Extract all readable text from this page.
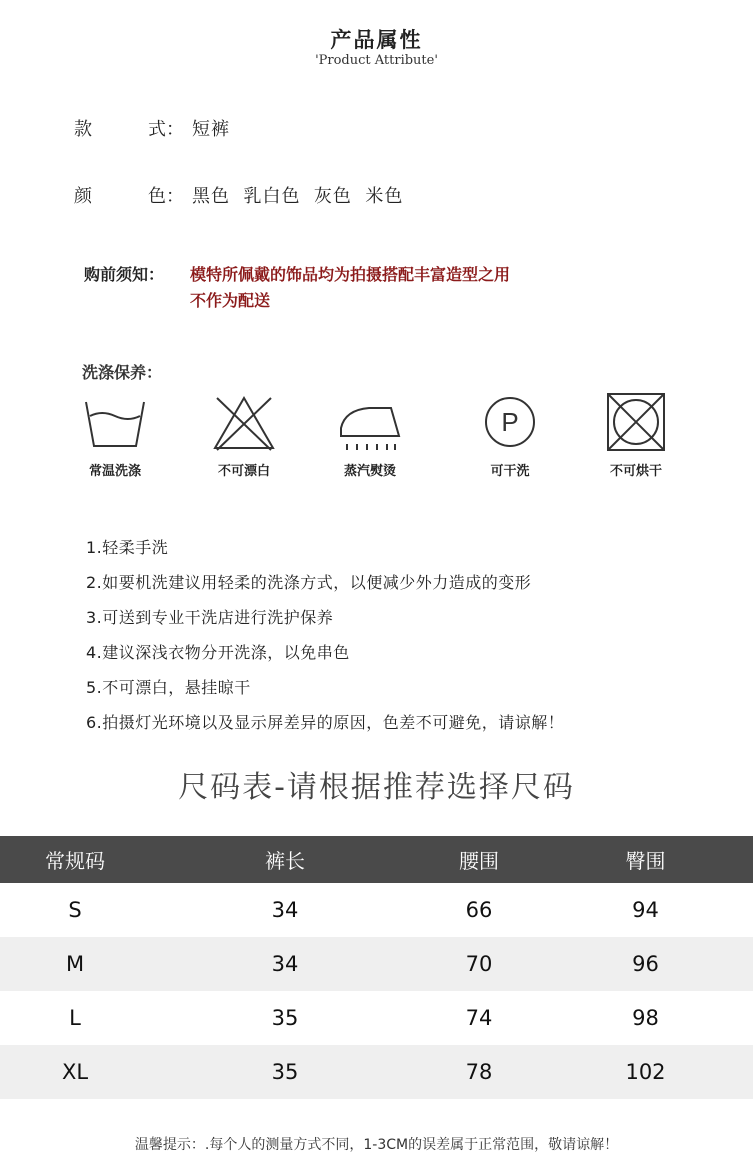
产品属性
'Product Attribute'
款	式： 短裤
颜	色： 黑色  乳白色  灰色  米色
购前须知： 模特所佩戴的饰品均为拍摄搭配丰富造型之用
不作为配送
洗涤保养：
常温洗涤	不可漂白	蒸汽熨烫
P
可干洗	不可烘干
1.轻柔手洗
2.如要机洗建议用轻柔的洗涤方式，以便减少外力造成的变形
3.可送到专业干洗店进行洗护保养
4.建议深浅衣物分开洗涤，以免串色
5.不可漂白，悬挂晾干
6.拍摄灯光环境以及显示屏差异的原因，色差不可避免，请谅解！
尺码表-请根据推荐选择尺码
常规码	裤长	腰围	臀围
S	34	66	94
M	34	70	96
L	35	74	98
XL	35	78	102
温馨提示：.每个人的测量方式不同，1-3CM的误差属于正常范围，敬请谅解！
